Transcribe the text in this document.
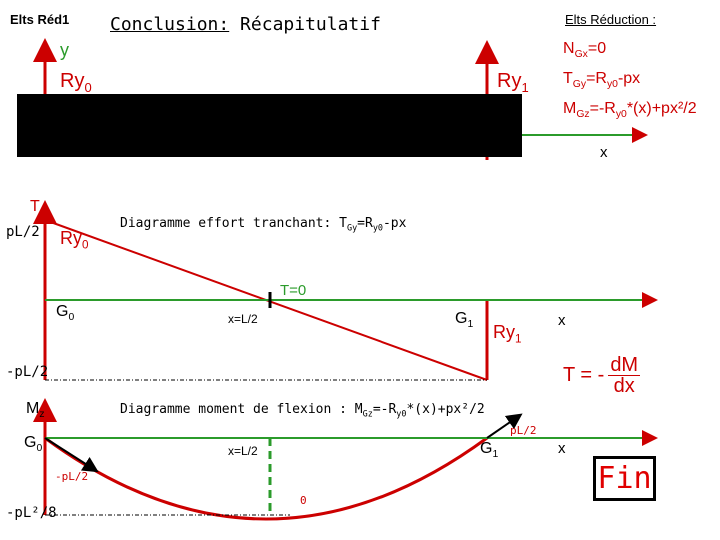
Elts Réd1 Conclusion: Récapitulatif	Elts Réduction :
y
$Ry_0$	$Ry_1$
x
$N_{Gx}=0$
$T_{Gy}=R_{y0}-px$
$M_{Gz}=-R_{y0}*(x)+px^2/2$
T
pL/2 $Ry_0$
Diagramme effort tranchant: $T_{Gy}=R_{y0}-px$
T=0
$G_0$	x=L/2	$G_1$ $Ry_1$
x
-pL/2	T = - $\frac{dM}{dx}$
$M_z$	Diagramme moment de flexion : $M_{Gz}=-R_{y0}*(x)+px^2/2$
$G_0$
-pL/2
x=L/2
pL/2
$G_1$	x
-pL²/8
0
Fin
